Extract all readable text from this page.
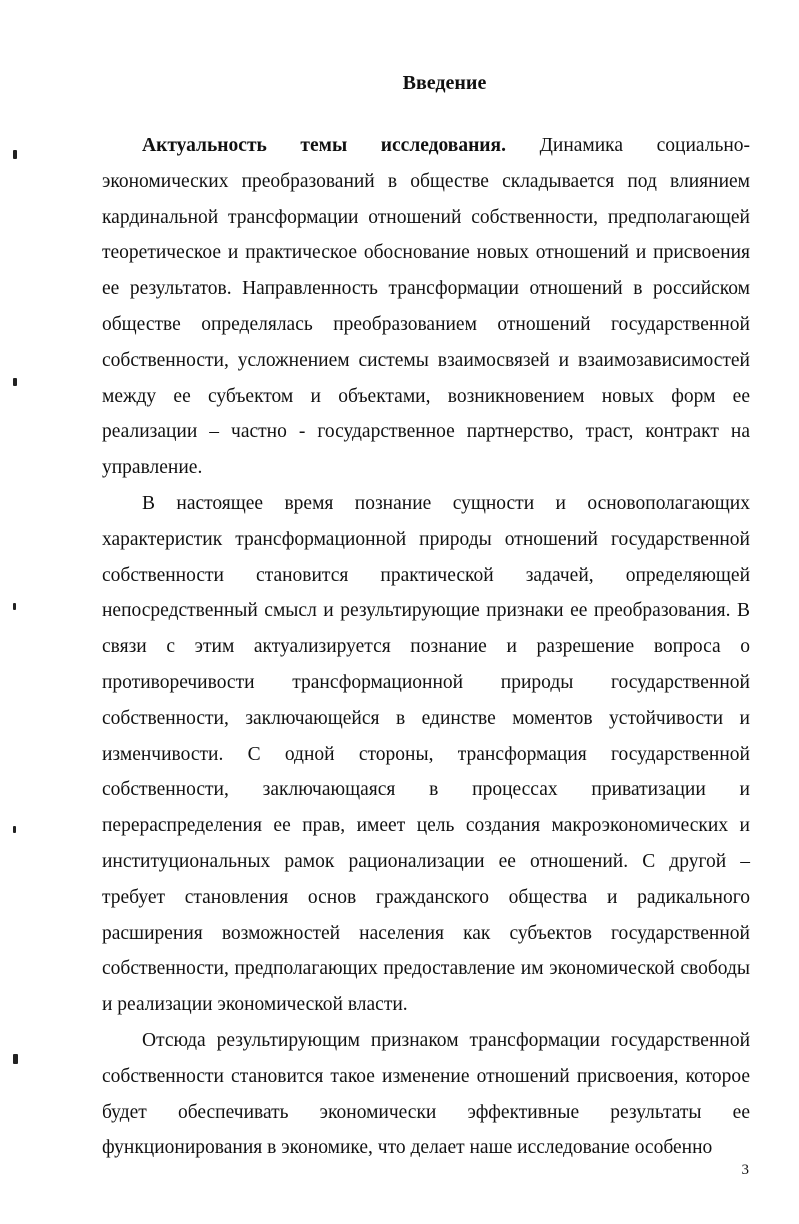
Введение

Актуальность темы исследования. Динамика социально-экономических преобразований в обществе складывается под влиянием кардинальной трансформации отношений собственности, предполагающей теоретическое и практическое обоснование новых отношений и присвоения ее результатов. Направленность трансформации отношений в российском обществе определялась преобразованием отношений государственной собственности, усложнением системы взаимосвязей и взаимозависимостей между ее субъектом и объектами, возникновением новых форм ее реализации – частно - государственное партнерство, траст, контракт на управление.

В настоящее время познание сущности и основополагающих характеристик трансформационной природы отношений государственной собственности становится практической задачей, определяющей непосредственный смысл и результирующие признаки ее преобразования. В связи с этим актуализируется познание и разрешение вопроса о противоречивости трансформационной природы государственной собственности, заключающейся в единстве моментов устойчивости и изменчивости. С одной стороны, трансформация государственной собственности, заключающаяся в процессах приватизации и перераспределения ее прав, имеет цель создания макроэкономических и институциональных рамок рационализации ее отношений. С другой – требует становления основ гражданского общества и радикального расширения возможностей населения как субъектов государственной собственности, предполагающих предоставление им экономической свободы и реализации экономической власти.

Отсюда результирующим признаком трансформации государственной собственности становится такое изменение отношений присвоения, которое будет обеспечивать экономически эффективные результаты ее функционирования в экономике, что делает наше исследование особенно

3
